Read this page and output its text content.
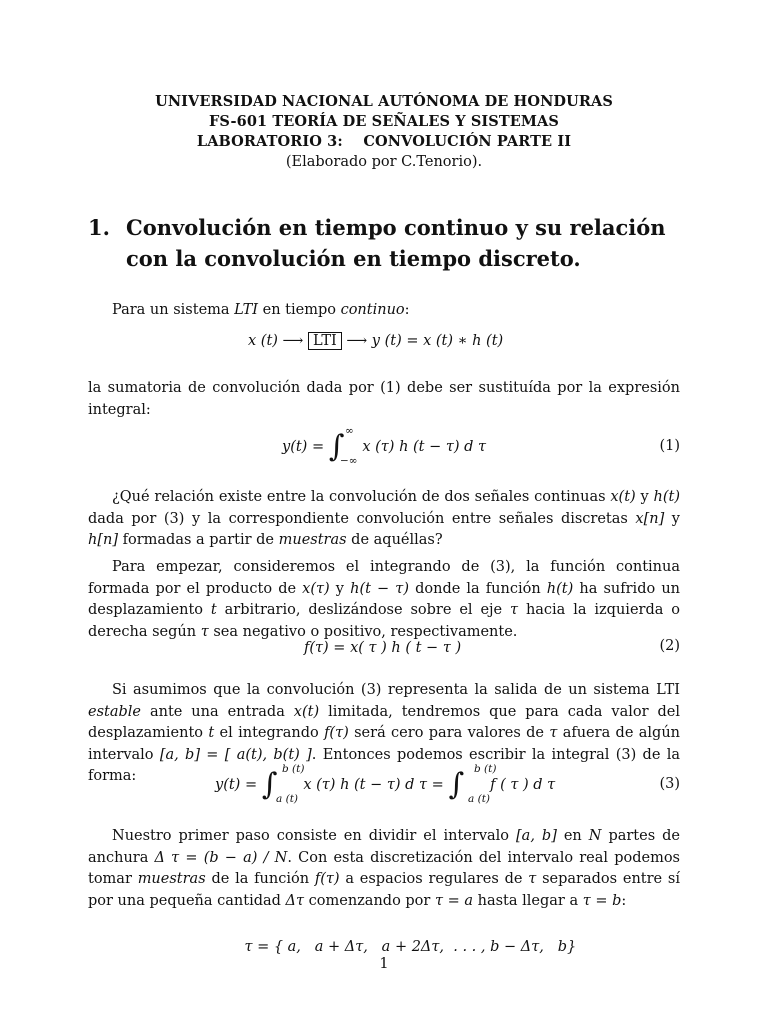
UNIVERSIDAD NACIONAL AUTÓNOMA DE HONDURAS
FS-601 TEORÍA DE SEÑALES Y SISTEMAS
LABORATORIO 3:    CONVOLUCIÓN PARTE II
(Elaborado por C.Tenorio).
1. Convolución en tiempo continuo y su relación con la convolución en tiempo discreto.
Para un sistema LTI en tiempo continuo:
x (t) ⟶ LTI ⟶ y (t) = x (t) ∗ h (t)
la sumatoria de convolución dada por (1) debe ser sustituída por la expresión integral:
y(t) = ∫ x (τ) h (t − τ) d τ
∞
−∞
(1)
¿Qué relación existe entre la convolución de dos señales continuas x(t) y h(t) dada por (3) y la correspondiente convolución entre señales discretas x[n] y h[n] formadas a partir de muestras de aquéllas?
Para empezar, consideremos el integrando de (3), la función continua formada por el producto de x(τ) y h(t − τ) donde la función h(t) ha sufrido un desplazamiento t arbitrario, deslizándose sobre el eje τ hacia la izquierda o derecha según τ sea negativo o positivo, respectivamente.
f(τ) = x( τ ) h ( t − τ )	(2)
Si asumimos que la convolución (3) representa la salida de un sistema LTI estable ante una entrada x(t) limitada, tendremos que para cada valor del desplazamiento t el integrando f(τ) será cero para valores de τ afuera de algún intervalo [a, b] = [ a(t), b(t) ]. Entonces podemos escribir la integral (3) de la forma:
y(t) = ∫ x (τ) h (t − τ) d τ = ∫ f ( τ ) d τ
b (t)
a (t)
b (t)
a (t)
(3)
Nuestro primer paso consiste en dividir el intervalo [a, b] en N partes de anchura Δ τ = (b − a) / N. Con esta discretización del intervalo real podemos tomar muestras de la función f(τ) a espacios regulares de τ separados entre sí por una pequeña cantidad Δτ comenzando por τ = a hasta llegar a τ = b:

τ = { a,   a + Δτ,   a + 2Δτ,  . . . , b − Δτ,   b}

1
